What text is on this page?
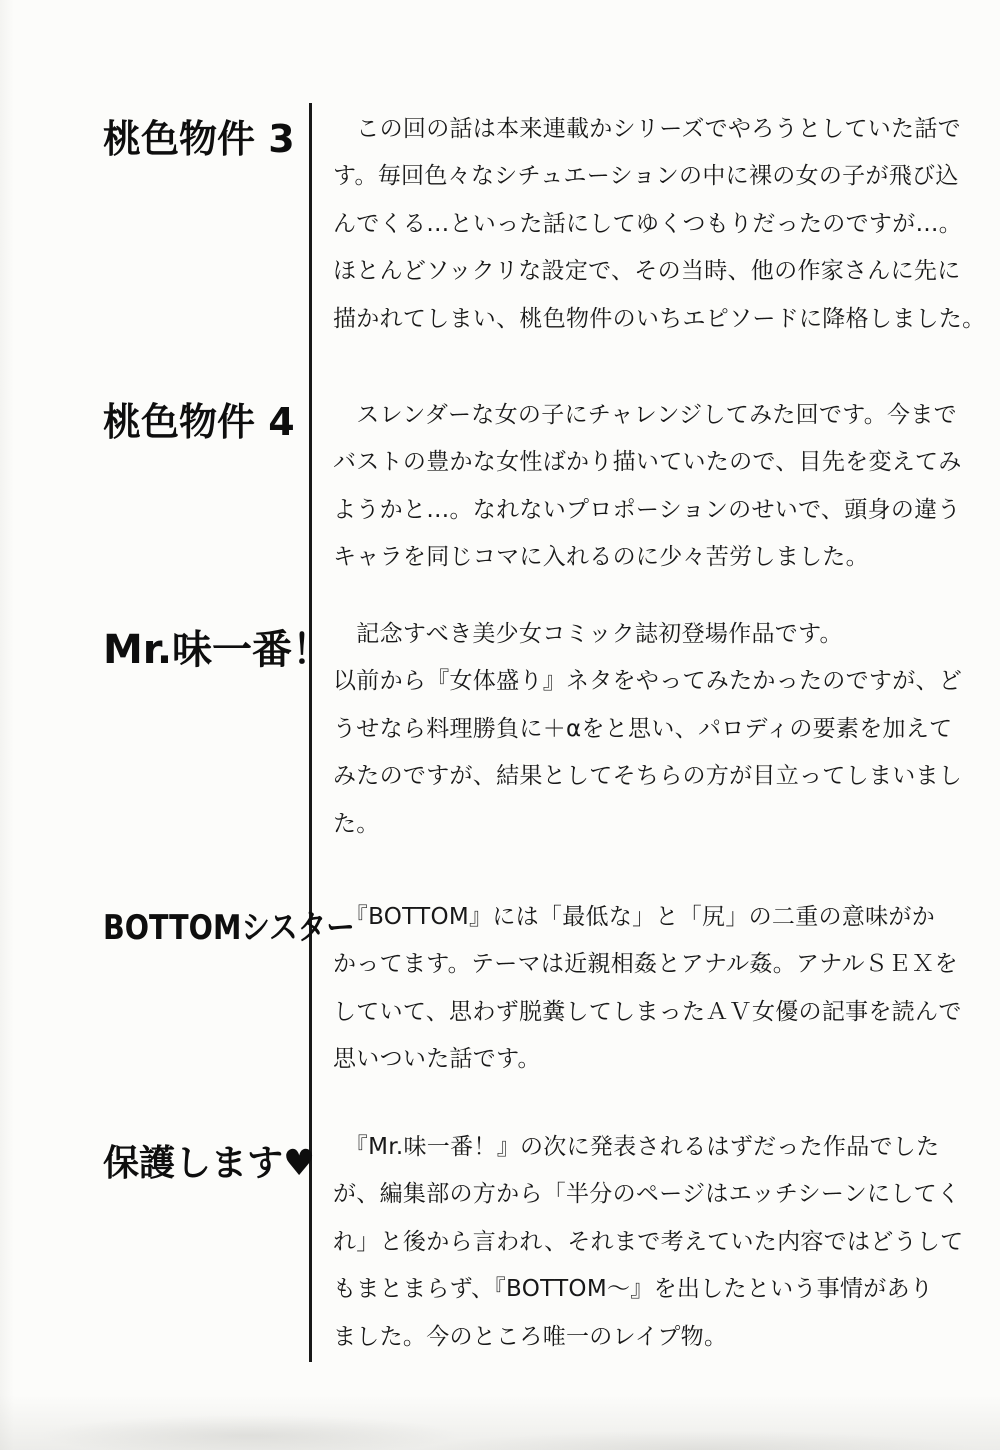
桃色物件 3
桃色物件 4
Mr.味一番！
BOTTOMシスター
保護します♥
　この回の話は本来連載かシリーズでやろうとしていた話で
す。毎回色々なシチュエーションの中に裸の女の子が飛び込
んでくる…といった話にしてゆくつもりだったのですが…。
ほとんどソックリな設定で、その当時、他の作家さんに先に
描かれてしまい、桃色物件のいちエピソードに降格しました。
　スレンダーな女の子にチャレンジしてみた回です。今まで
バストの豊かな女性ばかり描いていたので、目先を変えてみ
ようかと…。なれないプロポーションのせいで、頭身の違う
キャラを同じコマに入れるのに少々苦労しました。
　記念すべき美少女コミック誌初登場作品です。
以前から『女体盛り』ネタをやってみたかったのですが、ど
うせなら料理勝負に＋αをと思い、パロディの要素を加えて
みたのですが、結果としてそちらの方が目立ってしまいまし
た。
　『BOTTOM』には「最低な」と「尻」の二重の意味がか
かってます。テーマは近親相姦とアナル姦。アナルＳＥＸを
していて、思わず脱糞してしまったＡＶ女優の記事を読んで
思いついた話です。
　『Mr.味一番！』の次に発表されるはずだった作品でした
が、編集部の方から「半分のページはエッチシーンにしてく
れ」と後から言われ、それまで考えていた内容ではどうして
もまとまらず、『BOTTOM〜』を出したという事情があり
ました。今のところ唯一のレイプ物。
